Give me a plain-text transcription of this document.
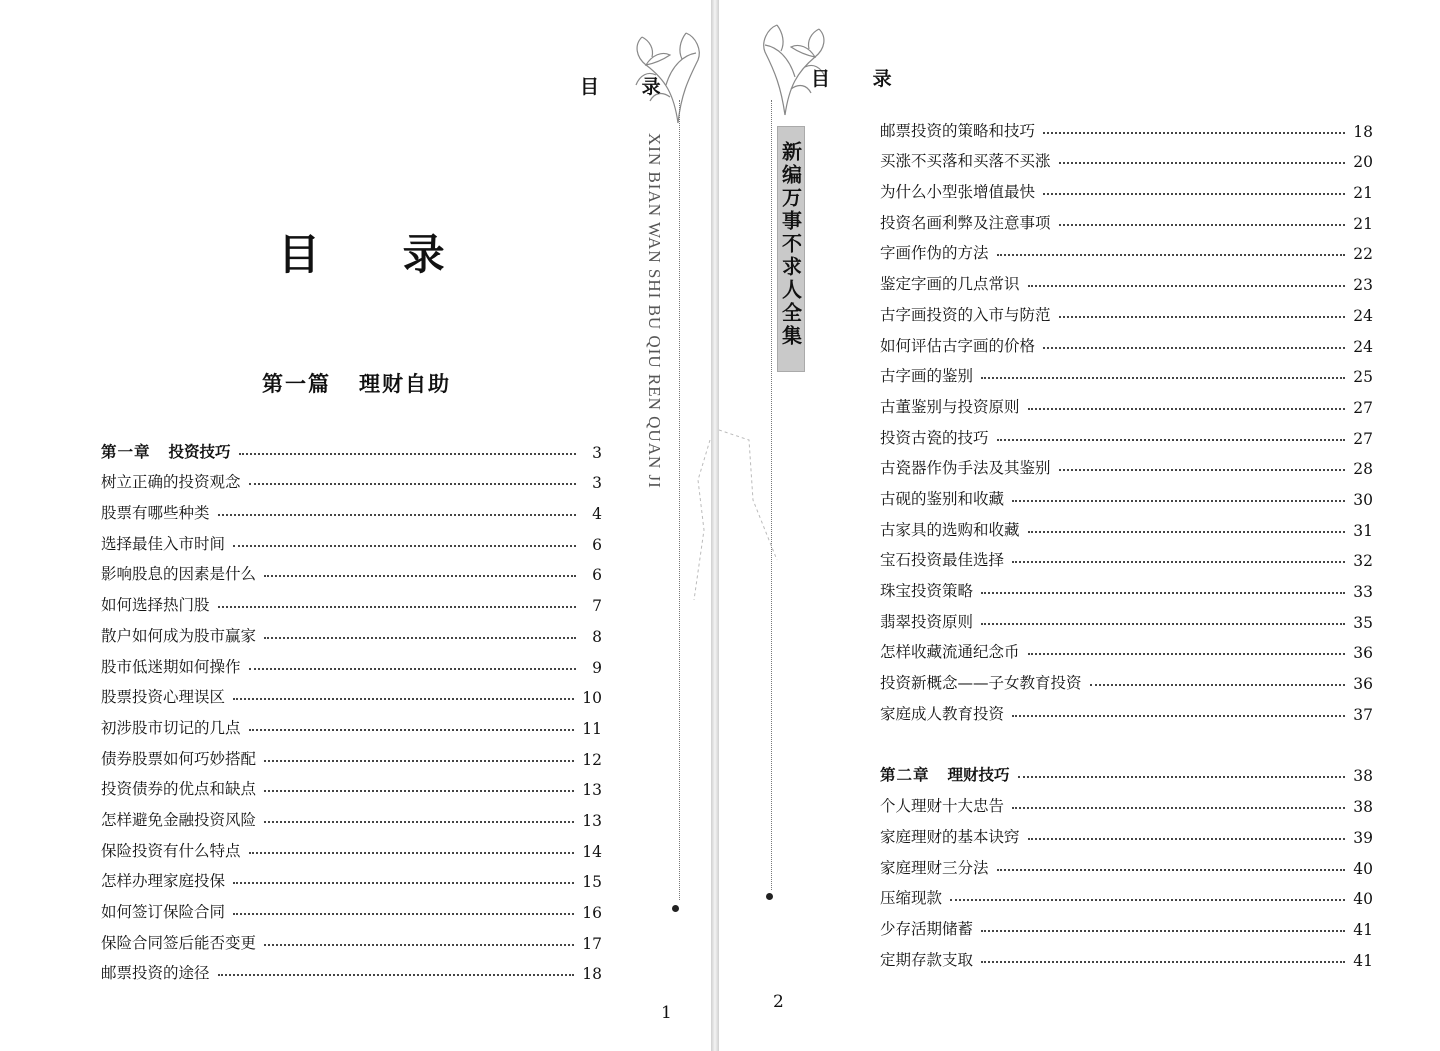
目 录
目 录
第一篇 理财自助
第一章 投资技巧	3
树立正确的投资观念	3
股票有哪些种类	4
选择最佳入市时间	6
影响股息的因素是什么	6
如何选择热门股	7
散户如何成为股市赢家	8
股市低迷期如何操作	9
股票投资心理误区	10
初涉股市切记的几点	11
债券股票如何巧妙搭配	12
投资债券的优点和缺点	13
怎样避免金融投资风险	13
保险投资有什么特点	14
怎样办理家庭投保	15
如何签订保险合同	16
保险合同签后能否变更	17
邮票投资的途径	18
XIN BIAN WAN SHI BU QIU REN QUAN JI
1
目 录
新编万事不求人全集
邮票投资的策略和技巧	18
买涨不买落和买落不买涨	20
为什么小型张增值最快	21
投资名画利弊及注意事项	21
字画作伪的方法	22
鉴定字画的几点常识	23
古字画投资的入市与防范	24
如何评估古字画的价格	24
古字画的鉴别	25
古董鉴别与投资原则	27
投资古瓷的技巧	27
古瓷器作伪手法及其鉴别	28
古砚的鉴别和收藏	30
古家具的选购和收藏	31
宝石投资最佳选择	32
珠宝投资策略	33
翡翠投资原则	35
怎样收藏流通纪念币	36
投资新概念——子女教育投资	36
家庭成人教育投资	37
第二章 理财技巧	38
个人理财十大忠告	38
家庭理财的基本诀窍	39
家庭理财三分法	40
压缩现款	40
少存活期储蓄	41
定期存款支取	41
2
